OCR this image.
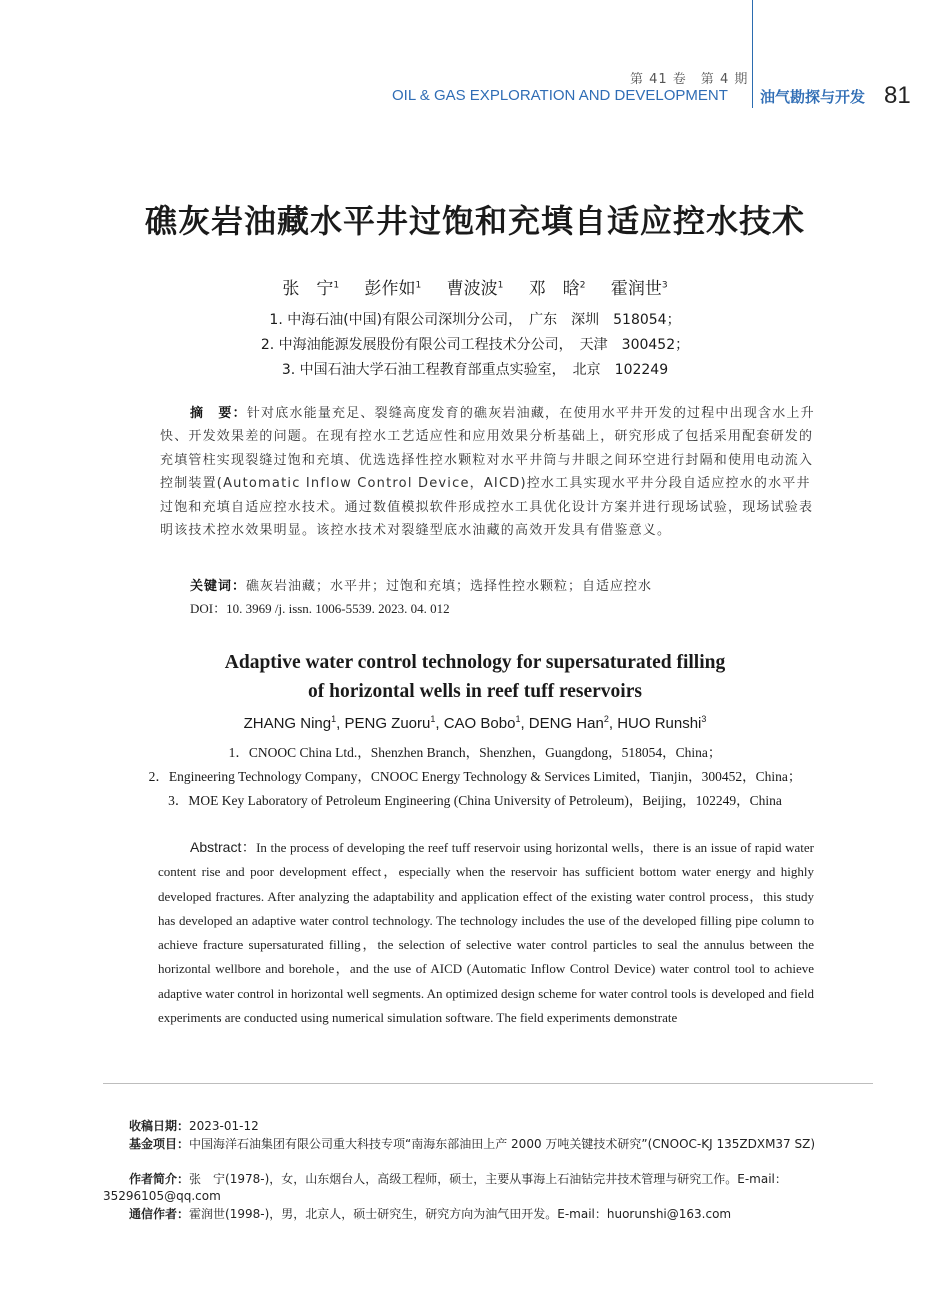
第 41 卷　第 4 期
OIL & GAS EXPLORATION AND DEVELOPMENT 油气勘探与开发 81
礁灰岩油藏水平井过饱和充填自适应控水技术
张　宁$^1$ 彭作如$^1$ 曹波波$^1$ 邓　晗$^2$ 霍润世$^3$
1. 中海石油(中国)有限公司深圳分公司，　广东　深圳　518054；
2. 中海油能源发展股份有限公司工程技术分公司，　天津　300452；
3. 中国石油大学石油工程教育部重点实验室，　北京　102249
摘　要：针对底水能量充足、裂缝高度发育的礁灰岩油藏，在使用水平井开发的过程中出现含水上升快、开发效果差的问题。在现有控水工艺适应性和应用效果分析基础上，研究形成了包括采用配套研发的充填管柱实现裂缝过饱和充填、优选选择性控水颗粒对水平井筒与井眼之间环空进行封隔和使用电动流入控制装置(Automatic Inflow Control Device，AICD)控水工具实现水平井分段自适应控水的水平井过饱和充填自适应控水技术。通过数值模拟软件形成控水工具优化设计方案并进行现场试验，现场试验表明该技术控水效果明显。该控水技术对裂缝型底水油藏的高效开发具有借鉴意义。
关键词：礁灰岩油藏；水平井；过饱和充填；选择性控水颗粒；自适应控水
DOI：10. 3969 /j. issn. 1006-5539. 2023. 04. 012
Adaptive water control technology for supersaturated filling
of horizontal wells in reef tuff reservoirs
ZHANG Ning$^1$, PENG Zuoru$^1$, CAO Bobo$^1$, DENG Han$^2$, HUO Runshi$^3$
1．CNOOC China Ltd.，Shenzhen Branch，Shenzhen，Guangdong，518054，China；
2．Engineering Technology Company，CNOOC Energy Technology & Services Limited，Tianjin，300452，China；
3．MOE Key Laboratory of Petroleum Engineering (China University of Petroleum)，Beijing，102249，China
Abstract：In the process of developing the reef tuff reservoir using horizontal wells，there is an issue of rapid water content rise and poor development effect，especially when the reservoir has sufficient bottom water energy and highly developed fractures. After analyzing the adaptability and application effect of the existing water control process，this study has developed an adaptive water control technology. The technology includes the use of the developed filling pipe column to achieve fracture supersaturated filling，the selection of selective water control particles to seal the annulus between the horizontal wellbore and borehole，and the use of AICD (Automatic Inflow Control Device) water control tool to achieve adaptive water control in horizontal well segments. An optimized design scheme for water control tools is developed and field experiments are conducted using numerical simulation software. The field experiments demonstrate
收稿日期：2023-01-12
基金项目：中国海洋石油集团有限公司重大科技专项“南海东部油田上产 2000 万吨关键技术研究”(CNOOC-KJ 135ZDXM37 SZ)
作者简介：张　宁(1978-)，女，山东烟台人，高级工程师，硕士，主要从事海上石油钻完井技术管理与研究工作。E-mail：35296105@qq.com
通信作者：霍润世(1998-)，男，北京人，硕士研究生，研究方向为油气田开发。E-mail：huorunshi@163.com
